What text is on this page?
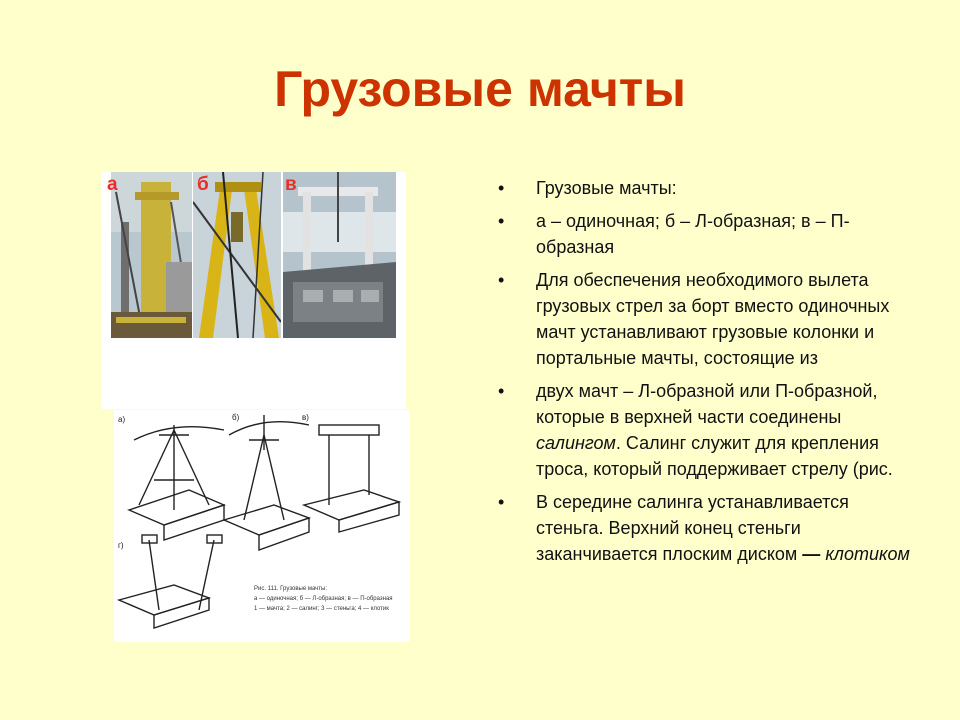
Грузовые мачты
а	б	в
а)	б)	в)
г)
Рис. 111. Грузовые мачты:
а — одиночная; б — Л-образная; в — П-образная
1 — мачта; 2 — салинг; 3 — стеньга; 4 — клотик
• Грузовые мачты:
• а – одиночная; б – Л-образная; в – П-образная
• Для обеспечения необходимого вылета грузовых стрел за борт вместо одиночных мачт устанавливают грузовые колонки и портальные мачты, состоящие из
• двух мачт – Л-образной или П-образной, которые в верхней части соединены салингом. Салинг служит для крепления троса, который поддерживает стрелу (рис.
• В середине салинга устанавливается стеньга. Верхний конец стеньги заканчивается плоским диском — клотиком
